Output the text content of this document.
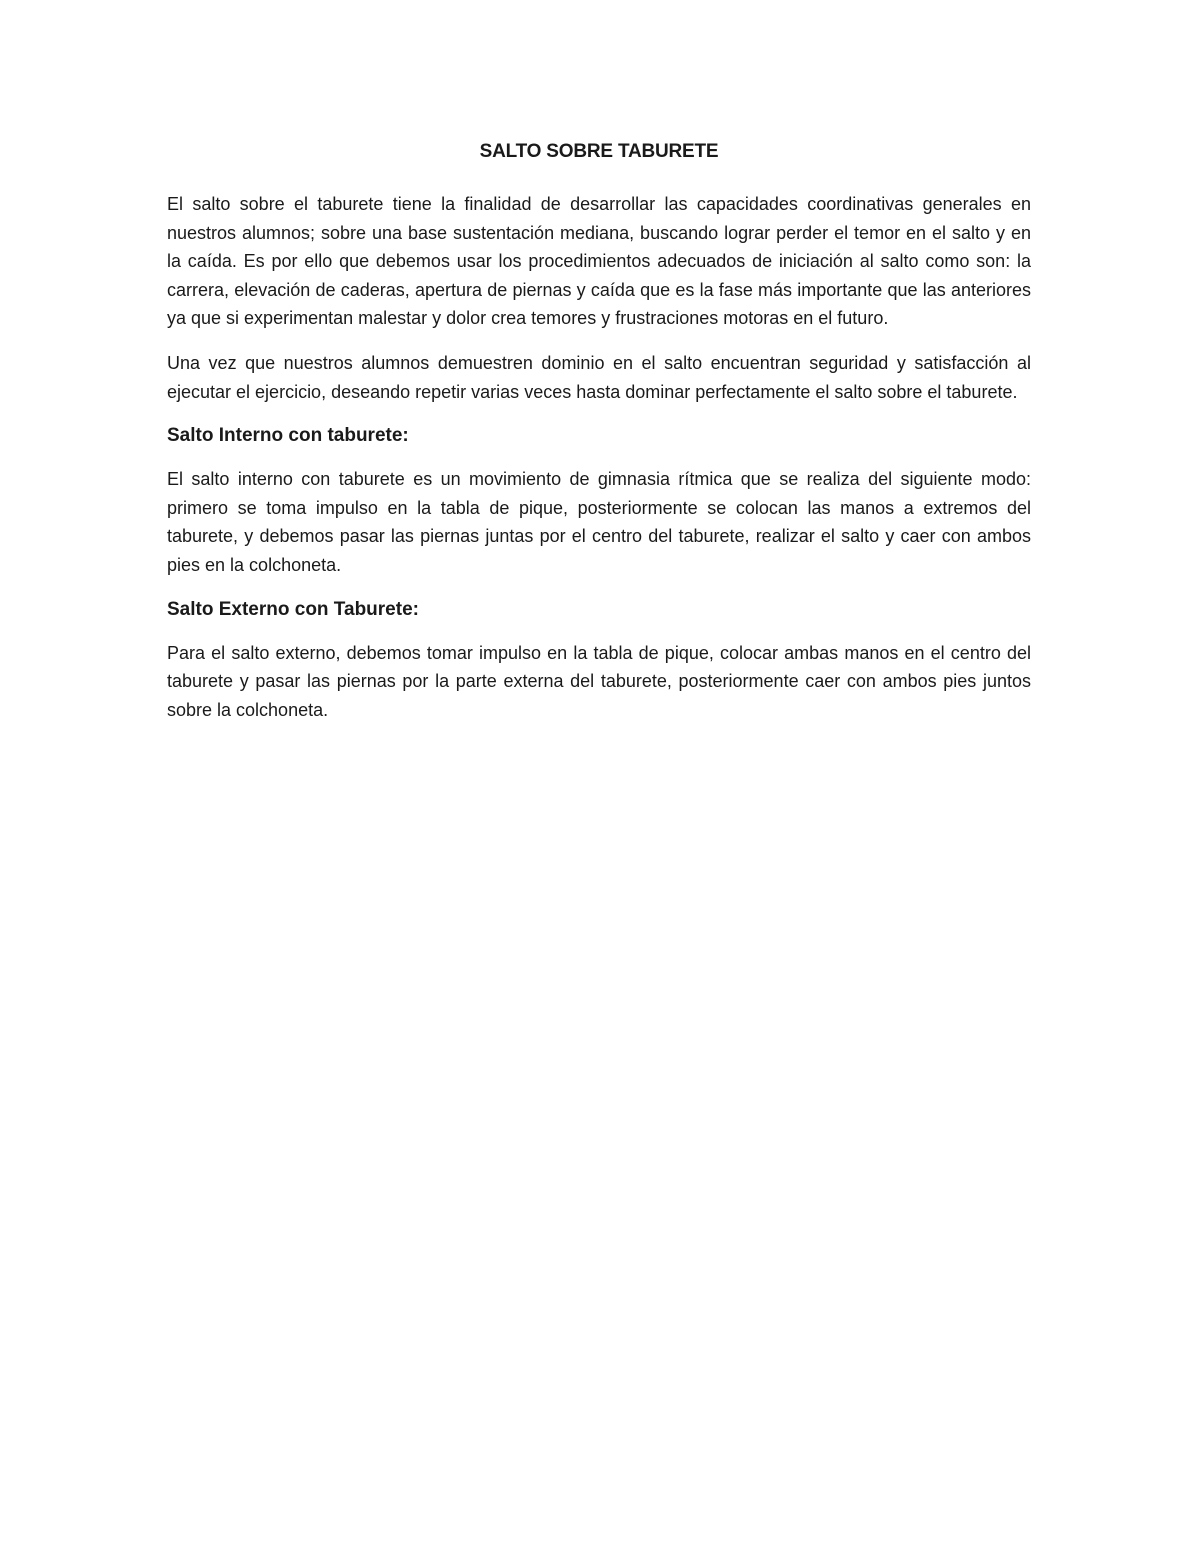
SALTO SOBRE TABURETE

El salto sobre el taburete tiene la finalidad de desarrollar las capacidades coordinativas generales en nuestros alumnos; sobre una base sustentación mediana, buscando lograr perder el temor en el salto y en la caída. Es por ello que debemos usar los procedimientos adecuados de iniciación al salto como son: la carrera, elevación de caderas, apertura de piernas y caída que es la fase más importante que las anteriores ya que si experimentan malestar y dolor crea temores y frustraciones motoras en el futuro.

Una vez que nuestros alumnos demuestren dominio en el salto encuentran seguridad y satisfacción al ejecutar el ejercicio, deseando repetir varias veces hasta dominar perfectamente el salto sobre el taburete.

Salto Interno con taburete:

El salto interno con taburete es un movimiento de gimnasia rítmica que se realiza del siguiente modo: primero se toma impulso en la tabla de pique, posteriormente se colocan las manos a extremos del taburete, y debemos pasar las piernas juntas por el centro del taburete, realizar el salto y caer con ambos pies en la colchoneta.

Salto Externo con Taburete:

Para el salto externo, debemos tomar impulso en la tabla de pique, colocar ambas manos en el centro del taburete y pasar las piernas por la parte externa del taburete, posteriormente caer con ambos pies juntos sobre la colchoneta.
